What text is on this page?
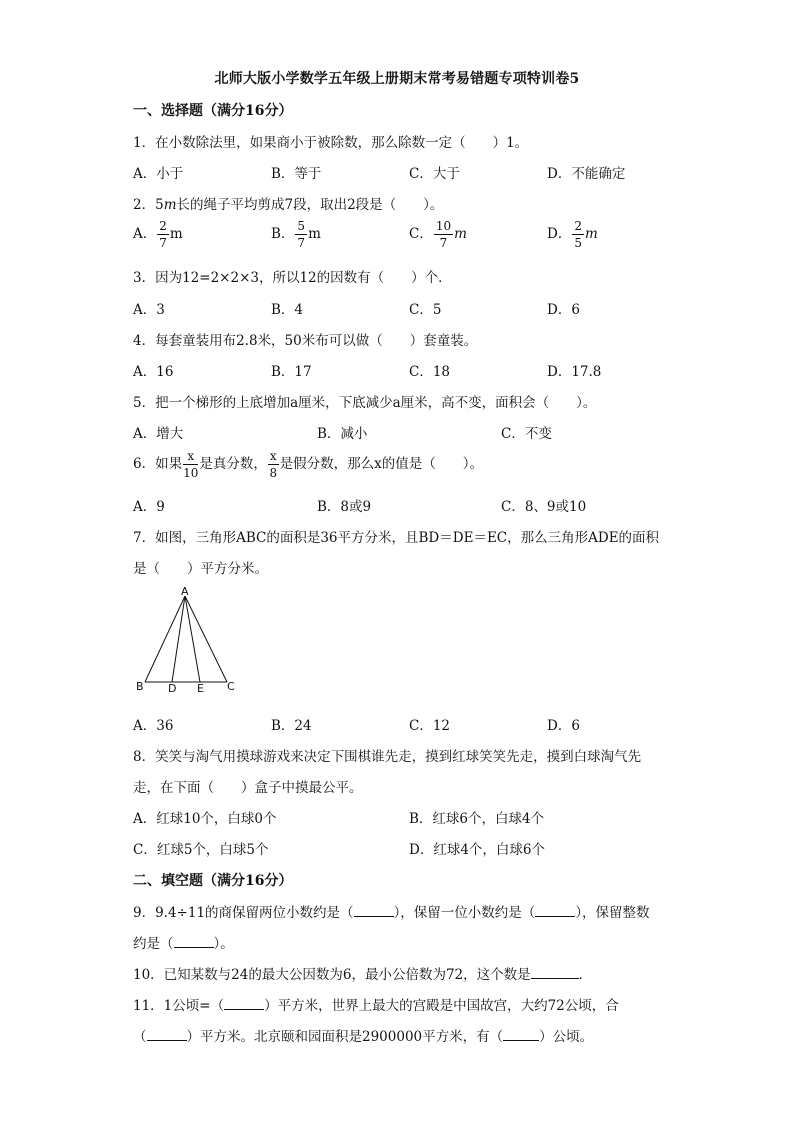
北师大版小学数学五年级上册期末常考易错题专项特训卷5
一、选择题（满分16分）
1．在小数除法里，如果商小于被除数，那么除数一定（　　）1。
A．小于	B．等于	C．大于	D．不能确定
2．5m长的绳子平均剪成7段，取出2段是（　　）。
A． $\frac{2}{7}$ m	B． $\frac{5}{7}$ m	C． $\frac{10}{7}$ m	D． $\frac{2}{5}$ m
3．因为12=2×2×3，所以12的因数有（　　）个．
A．3	B．4	C．5	D．6
4．每套童装用布2.8米，50米布可以做（　　）套童装。
A．16	B．17	C．18	D．17.8
5．把一个梯形的上底增加a厘米，下底减少a厘米，高不变，面积会（　　）。
A．增大	B．减小	C．不变
6．如果 $\frac{x}{10}$ 是真分数， $\frac{x}{8}$ 是假分数，那么x的值是（　　）。
A．9	B．8或9	C．8、9或10
7．如图，三角形ABC的面积是36平方分米，且BD＝DE＝EC，那么三角形ADE的面积
是（　　）平方分米。
A
B D E C
A．36	B．24	C．12	D．6
8．笑笑与淘气用摸球游戏来决定下围棋谁先走，摸到红球笑笑先走，摸到白球淘气先
走，在下面（　　）盒子中摸最公平。
A．红球10个，白球0个	B．红球6个，白球4个
C．红球5个，白球5个	D．红球4个，白球6个
二、填空题（满分16分）
9．9.4÷11的商保留两位小数约是（	），保留一位小数约是（	），保留整数
约是（	）。
10．已知某数与24的最大公因数为6，最小公倍数为72，这个数是	．
11．1公顷=（	）平方米，世界上最大的宫殿是中国故宫，大约72公顷，合
（	）平方米。北京颐和园面积是2900000平方米，有（	）公顷。
